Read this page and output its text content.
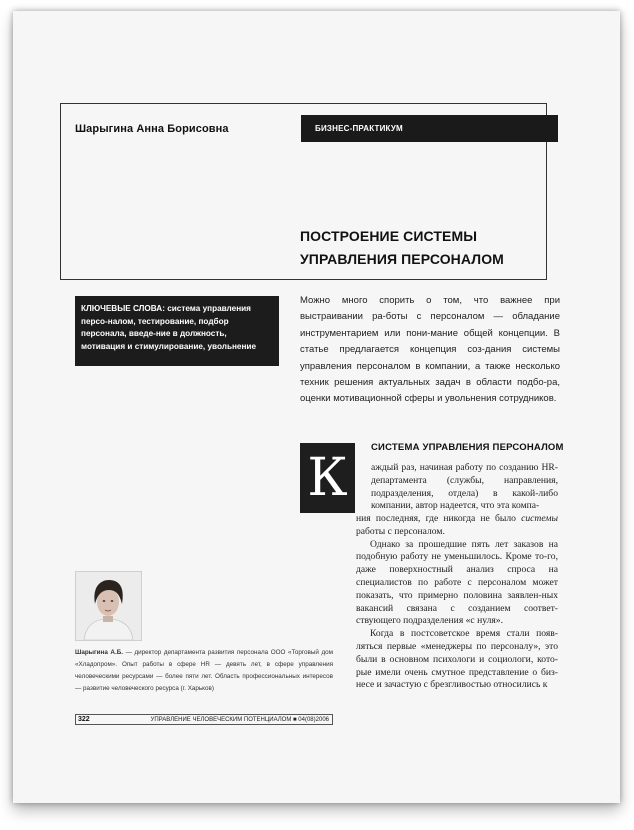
Шарыгина Анна Борисовна	БИЗНЕС-ПРАКТИКУМ
ПОСТРОЕНИЕ СИСТЕМЫ
УПРАВЛЕНИЯ ПЕРСОНАЛОМ
КЛЮЧЕВЫЕ СЛОВА: система управления персо-налом, тестирование, подбор персонала, введе-ние в должность, мотивация и стимулирование, увольнение
Можно много спорить о том, что важнее при выстраивании ра-боты с персоналом — обладание инструментарием или пони-мание общей концепции. В статье предлагается концепция соз-дания системы управления персоналом в компании, а также несколько техник решения актуальных задач в области подбо-ра, оценки мотивационной сферы и увольнения сотрудников.
К
СИСТЕМА УПРАВЛЕНИЯ ПЕРСОНАЛОМ
аждый раз, начиная работу по созданию HR-департамента (службы, направления, подразделения, отдела) в какой-либо компании, автор надеется, что эта компа-

ния последняя, где никогда не было системы работы с персоналом.

Однако за прошедшие пять лет заказов на подобную работу не уменьшилось. Кроме то-го, даже поверхностный анализ спроса на специалистов по работе с персоналом может показать, что примерно половина заявлен-ных вакансий связана с созданием соответ-ствующего подразделения «с нуля».

Когда в постсоветское время стали появ-ляться первые «менеджеры по персоналу», это были в основном психологи и социологи, кото-рые имели очень смутное представление о биз-несе и зачастую с брезгливостью относились к

Шарыгина А.Б. — директор департамента развития персонала ООО «Торговый дом «Хладопром». Опыт работы в сфере HR — девять лет, в сфере управления человеческими ресурсами — более пяти лет. Область профессиональных интересов — развитие человеческого ресурса (г. Харьков)
322	УПРАВЛЕНИЕ ЧЕЛОВЕЧЕСКИМ ПОТЕНЦИАЛОМ ■ 04(08)2006
